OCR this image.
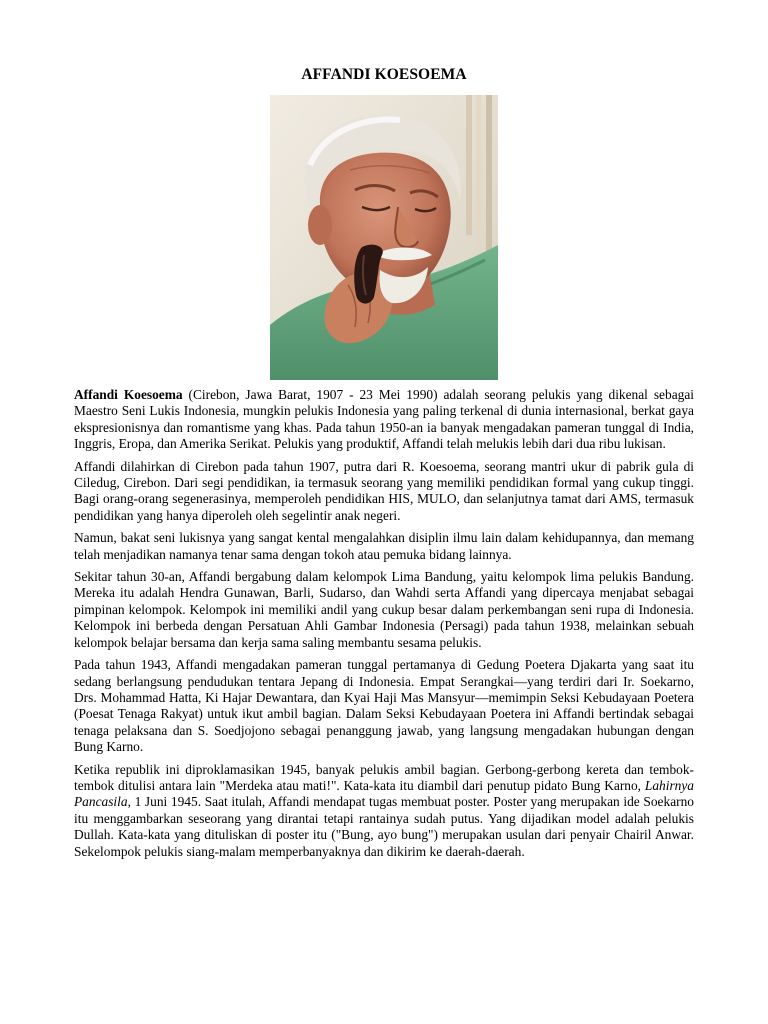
AFFANDI KOESOEMA

Affandi Koesoema (Cirebon, Jawa Barat, 1907 - 23 Mei 1990) adalah seorang pelukis yang dikenal sebagai Maestro Seni Lukis Indonesia, mungkin pelukis Indonesia yang paling terkenal di dunia internasional, berkat gaya ekspresionisnya dan romantisme yang khas. Pada tahun 1950-an ia banyak mengadakan pameran tunggal di India, Inggris, Eropa, dan Amerika Serikat. Pelukis yang produktif, Affandi telah melukis lebih dari dua ribu lukisan.

Affandi dilahirkan di Cirebon pada tahun 1907, putra dari R. Koesoema, seorang mantri ukur di pabrik gula di Ciledug, Cirebon. Dari segi pendidikan, ia termasuk seorang yang memiliki pendidikan formal yang cukup tinggi. Bagi orang-orang segenerasinya, memperoleh pendidikan HIS, MULO, dan selanjutnya tamat dari AMS, termasuk pendidikan yang hanya diperoleh oleh segelintir anak negeri.

Namun, bakat seni lukisnya yang sangat kental mengalahkan disiplin ilmu lain dalam kehidupannya, dan memang telah menjadikan namanya tenar sama dengan tokoh atau pemuka bidang lainnya.

Sekitar tahun 30-an, Affandi bergabung dalam kelompok Lima Bandung, yaitu kelompok lima pelukis Bandung. Mereka itu adalah Hendra Gunawan, Barli, Sudarso, dan Wahdi serta Affandi yang dipercaya menjabat sebagai pimpinan kelompok. Kelompok ini memiliki andil yang cukup besar dalam perkembangan seni rupa di Indonesia. Kelompok ini berbeda dengan Persatuan Ahli Gambar Indonesia (Persagi) pada tahun 1938, melainkan sebuah kelompok belajar bersama dan kerja sama saling membantu sesama pelukis.

Pada tahun 1943, Affandi mengadakan pameran tunggal pertamanya di Gedung Poetera Djakarta yang saat itu sedang berlangsung pendudukan tentara Jepang di Indonesia. Empat Serangkai—yang terdiri dari Ir. Soekarno, Drs. Mohammad Hatta, Ki Hajar Dewantara, dan Kyai Haji Mas Mansyur—memimpin Seksi Kebudayaan Poetera (Poesat Tenaga Rakyat) untuk ikut ambil bagian. Dalam Seksi Kebudayaan Poetera ini Affandi bertindak sebagai tenaga pelaksana dan S. Soedjojono sebagai penanggung jawab, yang langsung mengadakan hubungan dengan Bung Karno.

Ketika republik ini diproklamasikan 1945, banyak pelukis ambil bagian. Gerbong-gerbong kereta dan tembok-tembok ditulisi antara lain "Merdeka atau mati!". Kata-kata itu diambil dari penutup pidato Bung Karno, Lahirnya Pancasila, 1 Juni 1945. Saat itulah, Affandi mendapat tugas membuat poster. Poster yang merupakan ide Soekarno itu menggambarkan seseorang yang dirantai tetapi rantainya sudah putus. Yang dijadikan model adalah pelukis Dullah. Kata-kata yang dituliskan di poster itu ("Bung, ayo bung") merupakan usulan dari penyair Chairil Anwar. Sekelompok pelukis siang-malam memperbanyaknya dan dikirim ke daerah-daerah.
